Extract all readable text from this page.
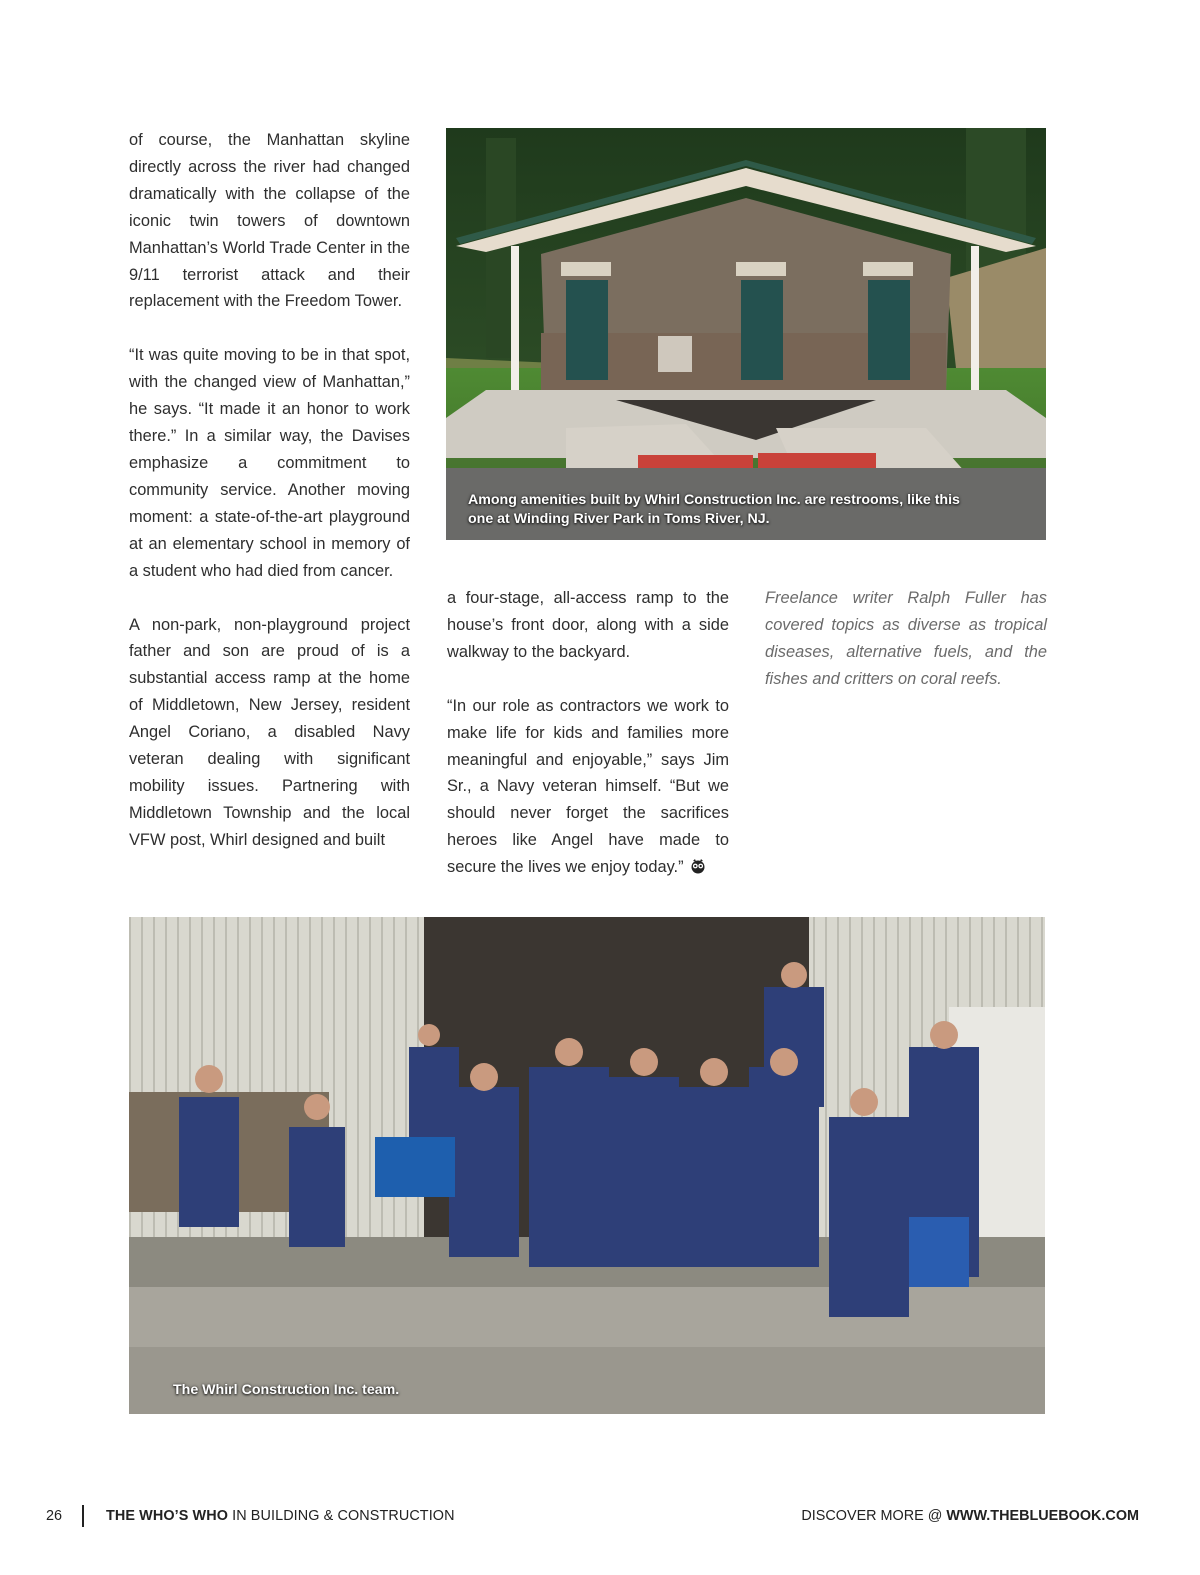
of course, the Manhattan skyline directly across the river had changed dramatically with the collapse of the iconic twin towers of downtown Manhattan’s World Trade Center in the 9/11 terrorist attack and their replacement with the Freedom Tower.

“It was quite moving to be in that spot, with the changed view of Manhattan,” he says. “It made it an honor to work there.” In a similar way, the Davises emphasize a commitment to community service. Another moving moment: a state-of-the-art playground at an elementary school in memory of a student who had died from cancer.

A non-park, non-playground project father and son are proud of is a substantial access ramp at the home of Middletown, New Jersey, resident Angel Coriano, a disabled Navy veteran dealing with significant mobility issues. Partnering with Middletown Township and the local VFW post, Whirl designed and built

Among amenities built by Whirl Construction Inc. are restrooms, like this one at Winding River Park in Toms River, NJ.

a four-stage, all-access ramp to the house’s front door, along with a side walkway to the backyard.

“In our role as contractors we work to make life for kids and families more meaningful and enjoyable,” says Jim Sr., a Navy veteran himself. “But we should never forget the sacrifices heroes like Angel have made to secure the lives we enjoy today.”

Freelance writer Ralph Fuller has covered topics as diverse as tropical diseases, alternative fuels, and the fishes and critters on coral reefs.

The Whirl Construction Inc. team.
26	THE WHO’S WHO IN BUILDING & CONSTRUCTION	DISCOVER MORE @ WWW.THEBLUEBOOK.COM
